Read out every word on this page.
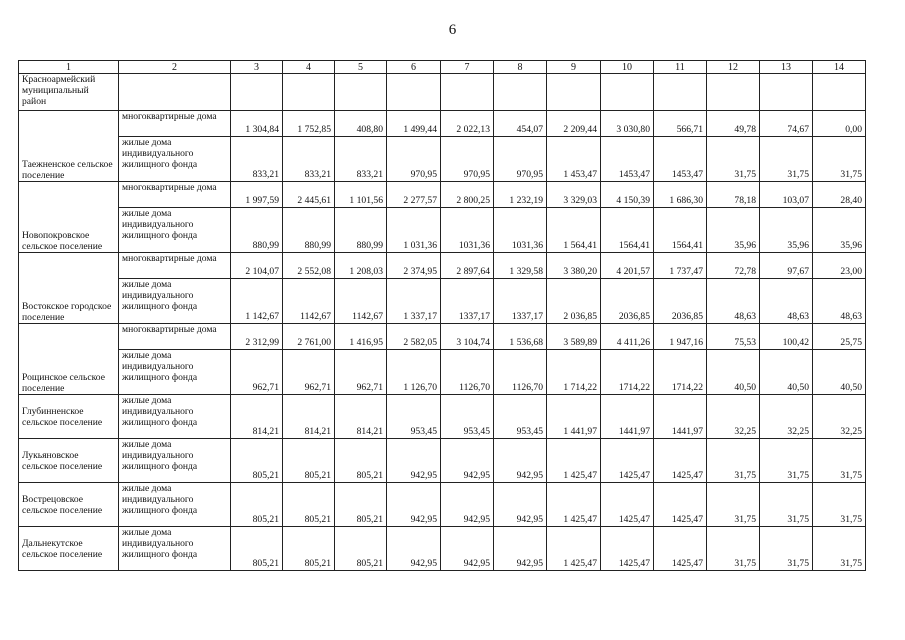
6
1	2	3	4	5	6	7	8	9	10	11	12	13	14
Красноармейский муниципальный район													
Таежненское сельское поселение	многоквартирные дома	1 304,84	1 752,85	408,80	1 499,44	2 022,13	454,07	2 209,44	3 030,80	566,71	49,78	74,67	0,00
	жилые дома индивидуального жилищного фонда	833,21	833,21	833,21	970,95	970,95	970,95	1 453,47	1453,47	1453,47	31,75	31,75	31,75
Новопокровское сельское поселение	многоквартирные дома	1 997,59	2 445,61	1 101,56	2 277,57	2 800,25	1 232,19	3 329,03	4 150,39	1 686,30	78,18	103,07	28,40
	жилые дома индивидуального жилищного фонда	880,99	880,99	880,99	1 031,36	1031,36	1031,36	1 564,41	1564,41	1564,41	35,96	35,96	35,96
Востокское городское поселение	многоквартирные дома	2 104,07	2 552,08	1 208,03	2 374,95	2 897,64	1 329,58	3 380,20	4 201,57	1 737,47	72,78	97,67	23,00
	жилые дома индивидуального жилищного фонда	1 142,67	1142,67	1142,67	1 337,17	1337,17	1337,17	2 036,85	2036,85	2036,85	48,63	48,63	48,63
Рощинское сельское поселение	многоквартирные дома	2 312,99	2 761,00	1 416,95	2 582,05	3 104,74	1 536,68	3 589,89	4 411,26	1 947,16	75,53	100,42	25,75
	жилые дома индивидуального жилищного фонда	962,71	962,71	962,71	1 126,70	1126,70	1126,70	1 714,22	1714,22	1714,22	40,50	40,50	40,50
Глубинненское сельское поселение	жилые дома индивидуального жилищного фонда	814,21	814,21	814,21	953,45	953,45	953,45	1 441,97	1441,97	1441,97	32,25	32,25	32,25
Лукьяновское сельское поселение	жилые дома индивидуального жилищного фонда	805,21	805,21	805,21	942,95	942,95	942,95	1 425,47	1425,47	1425,47	31,75	31,75	31,75
Вострецовское сельское поселение	жилые дома индивидуального жилищного фонда	805,21	805,21	805,21	942,95	942,95	942,95	1 425,47	1425,47	1425,47	31,75	31,75	31,75
Дальнекутское сельское поселение	жилые дома индивидуального жилищного фонда	805,21	805,21	805,21	942,95	942,95	942,95	1 425,47	1425,47	1425,47	31,75	31,75	31,75
